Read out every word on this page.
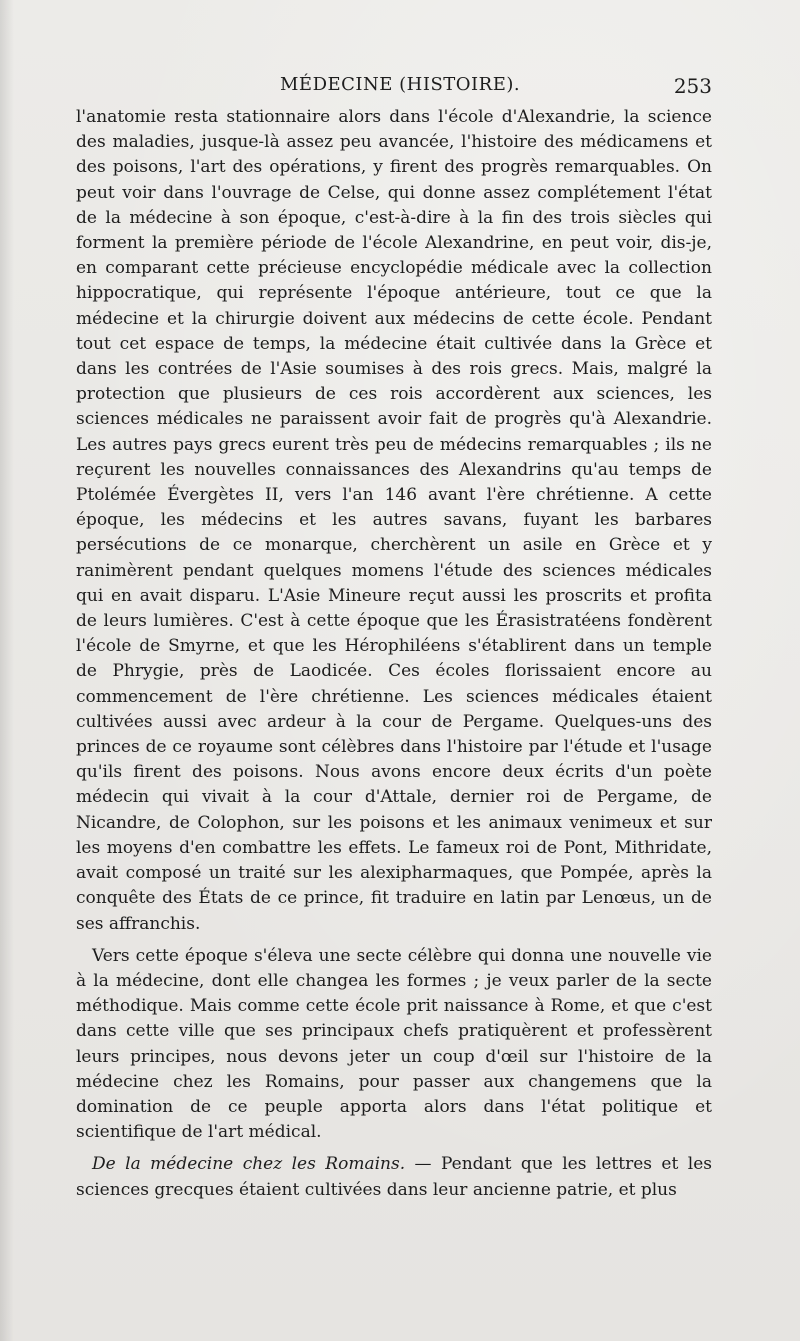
MÉDECINE (HISTOIRE).	253

l'anatomie resta stationnaire alors dans l'école d'Alexandrie, la science des maladies, jusque-là assez peu avancée, l'histoire des médicamens et des poisons, l'art des opérations, y firent des progrès remarquables. On peut voir dans l'ouvrage de Celse, qui donne assez complétement l'état de la médecine à son époque, c'est-à-dire à la fin des trois siècles qui forment la première période de l'école Alexandrine, en peut voir, dis-je, en comparant cette précieuse encyclopédie médicale avec la collection hippocratique, qui représente l'époque antérieure, tout ce que la médecine et la chirurgie doivent aux médecins de cette école. Pendant tout cet espace de temps, la médecine était cultivée dans la Grèce et dans les contrées de l'Asie soumises à des rois grecs. Mais, malgré la protection que plusieurs de ces rois accordèrent aux sciences, les sciences médicales ne paraissent avoir fait de progrès qu'à Alexandrie. Les autres pays grecs eurent très peu de médecins remarquables ; ils ne reçurent les nouvelles connaissances des Alexandrins qu'au temps de Ptolémée Évergètes II, vers l'an 146 avant l'ère chrétienne. A cette époque, les médecins et les autres savans, fuyant les barbares persécutions de ce monarque, cherchèrent un asile en Grèce et y ranimèrent pendant quelques momens l'étude des sciences médicales qui en avait disparu. L'Asie Mineure reçut aussi les proscrits et profita de leurs lumières. C'est à cette époque que les Érasistratéens fondèrent l'école de Smyrne, et que les Hérophiléens s'établirent dans un temple de Phrygie, près de Laodicée. Ces écoles florissaient encore au commencement de l'ère chrétienne. Les sciences médicales étaient cultivées aussi avec ardeur à la cour de Pergame. Quelques-uns des princes de ce royaume sont célèbres dans l'histoire par l'étude et l'usage qu'ils firent des poisons. Nous avons encore deux écrits d'un poète médecin qui vivait à la cour d'Attale, dernier roi de Pergame, de Nicandre, de Colophon, sur les poisons et les animaux venimeux et sur les moyens d'en combattre les effets. Le fameux roi de Pont, Mithridate, avait composé un traité sur les alexipharmaques, que Pompée, après la conquête des États de ce prince, fit traduire en latin par Lenœus, un de ses affranchis.

Vers cette époque s'éleva une secte célèbre qui donna une nouvelle vie à la médecine, dont elle changea les formes ; je veux parler de la secte méthodique. Mais comme cette école prit naissance à Rome, et que c'est dans cette ville que ses principaux chefs pratiquèrent et professèrent leurs principes, nous devons jeter un coup d'œil sur l'histoire de la médecine chez les Romains, pour passer aux changemens que la domination de ce peuple apporta alors dans l'état politique et scientifique de l'art médical.

De la médecine chez les Romains. — Pendant que les lettres et les sciences grecques étaient cultivées dans leur ancienne patrie, et plus
